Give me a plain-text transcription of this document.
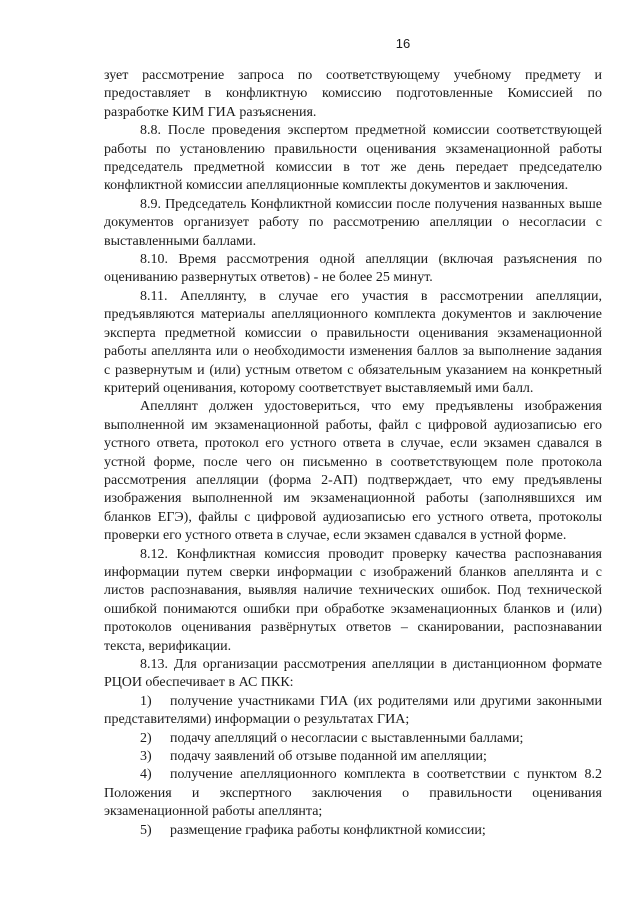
16

зует рассмотрение запроса по соответствующему учебному предмету и предоставляет в конфликтную комиссию подготовленные Комиссией по разработке КИМ ГИА разъяснения.

8.8. После проведения экспертом предметной комиссии соответствующей работы по установлению правильности оценивания экзаменационной работы председатель предметной комиссии в тот же день передает председателю конфликтной комиссии апелляционные комплекты документов и заключения.

8.9. Председатель Конфликтной комиссии после получения названных выше документов организует работу по рассмотрению апелляции о несогласии с выставленными баллами.

8.10. Время рассмотрения одной апелляции (включая разъяснения по оцениванию развернутых ответов) - не более 25 минут.

8.11. Апеллянту, в случае его участия в рассмотрении апелляции, предъявляются материалы апелляционного комплекта документов и заключение эксперта предметной комиссии о правильности оценивания экзаменационной работы апеллянта или о необходимости изменения баллов за выполнение задания с развернутым и (или) устным ответом с обязательным указанием на конкретный критерий оценивания, которому соответствует выставляемый ими балл.

Апеллянт должен удостовериться, что ему предъявлены изображения выполненной им экзаменационной работы, файл с цифровой аудиозаписью его устного ответа, протокол его устного ответа в случае, если экзамен сдавался в устной форме, после чего он письменно в соответствующем поле протокола рассмотрения апелляции (форма 2-АП) подтверждает, что ему предъявлены изображения выполненной им экзаменационной работы (заполнявшихся им бланков ЕГЭ), файлы с цифровой аудиозаписью его устного ответа, протоколы проверки его устного ответа в случае, если экзамен сдавался в устной форме.

8.12. Конфликтная комиссия проводит проверку качества распознавания информации путем сверки информации с изображений бланков апеллянта и с листов распознавания, выявляя наличие технических ошибок. Под технической ошибкой понимаются ошибки при обработке экзаменационных бланков и (или) протоколов оценивания развёрнутых ответов – сканировании, распознавании текста, верификации.

8.13. Для организации рассмотрения апелляции в дистанционном формате РЦОИ обеспечивает в АС ПКК:

1) получение участниками ГИА (их родителями или другими законными представителями) информации о результатах ГИА;

2) подачу апелляций о несогласии с выставленными баллами;

3) подачу заявлений об отзыве поданной им апелляции;

4) получение апелляционного комплекта в соответствии с пунктом 8.2 Положения и экспертного заключения о правильности оценивания экзаменационной работы апеллянта;

5) размещение графика работы конфликтной комиссии;
